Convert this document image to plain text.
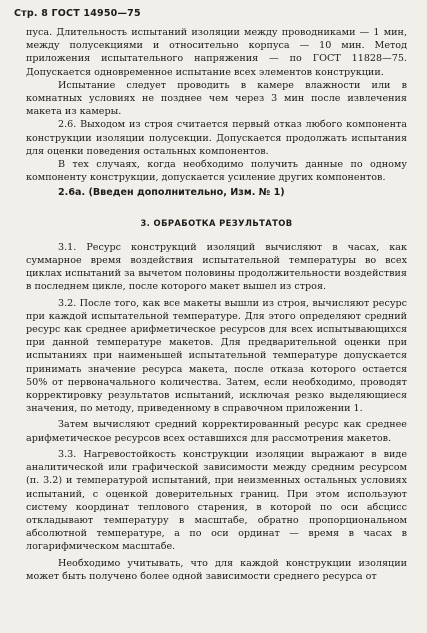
Стр. 8 ГОСТ 14950—75

пуса. Длительность испытаний изоляции между проводниками — 1 мин, между полусекциями и относительно корпуса — 10 мин. Метод приложения испытательного напряжения — по ГОСТ 11828—75. Допускается одновременное испытание всех элементов конструкции.

Испытание следует проводить в камере влажности или в комнатных условиях не позднее чем через 3 мин после извлечения макета из камеры.

2.6. Выходом из строя считается первый отказ любого компонента конструкции изоляции полусекции. Допускается продолжать испытания для оценки поведения остальных компонентов.

В тех случаях, когда необходимо получить данные по одному компоненту конструкции, допускается усиление других компонентов.

2.6а. (Введен дополнительно, Изм. № 1)

3. ОБРАБОТКА РЕЗУЛЬТАТОВ

3.1. Ресурс конструкций изоляций вычисляют в часах, как суммарное время воздействия испытательной температуры во всех циклах испытаний за вычетом половины продолжительности воздействия в последнем цикле, после которого макет вышел из строя.

3.2. После того, как все макеты вышли из строя, вычисляют ресурс при каждой испытательной температуре. Для этого определяют средний ресурс как среднее арифметическое ресурсов для всех испытывающихся при данной температуре макетов. Для предварительной оценки при испытаниях при наименьшей испытательной температуре допускается принимать значение ресурса макета, после отказа которого остается 50% от первоначального количества. Затем, если необходимо, проводят корректировку результатов испытаний, исключая резко выделяющиеся значения, по методу, приведенному в справочном приложении 1.

Затем вычисляют средний корректированный ресурс как среднее арифметическое ресурсов всех оставшихся для рассмотрения макетов.

3.3. Нагревостойкость конструкции изоляции выражают в виде аналитической или графической зависимости между средним ресурсом (п. 3.2) и температурой испытаний, при неизменных остальных условиях испытаний, с оценкой доверительных границ. При этом используют систему координат теплового старения, в которой по оси абсцисс откладывают температуру в масштабе, обратно пропорциональном абсолютной температуре, а по оси ординат — время в часах в логарифмическом масштабе.

Необходимо учитывать, что для каждой конструкции изоляции может быть получено более одной зависимости среднего ресурса от
